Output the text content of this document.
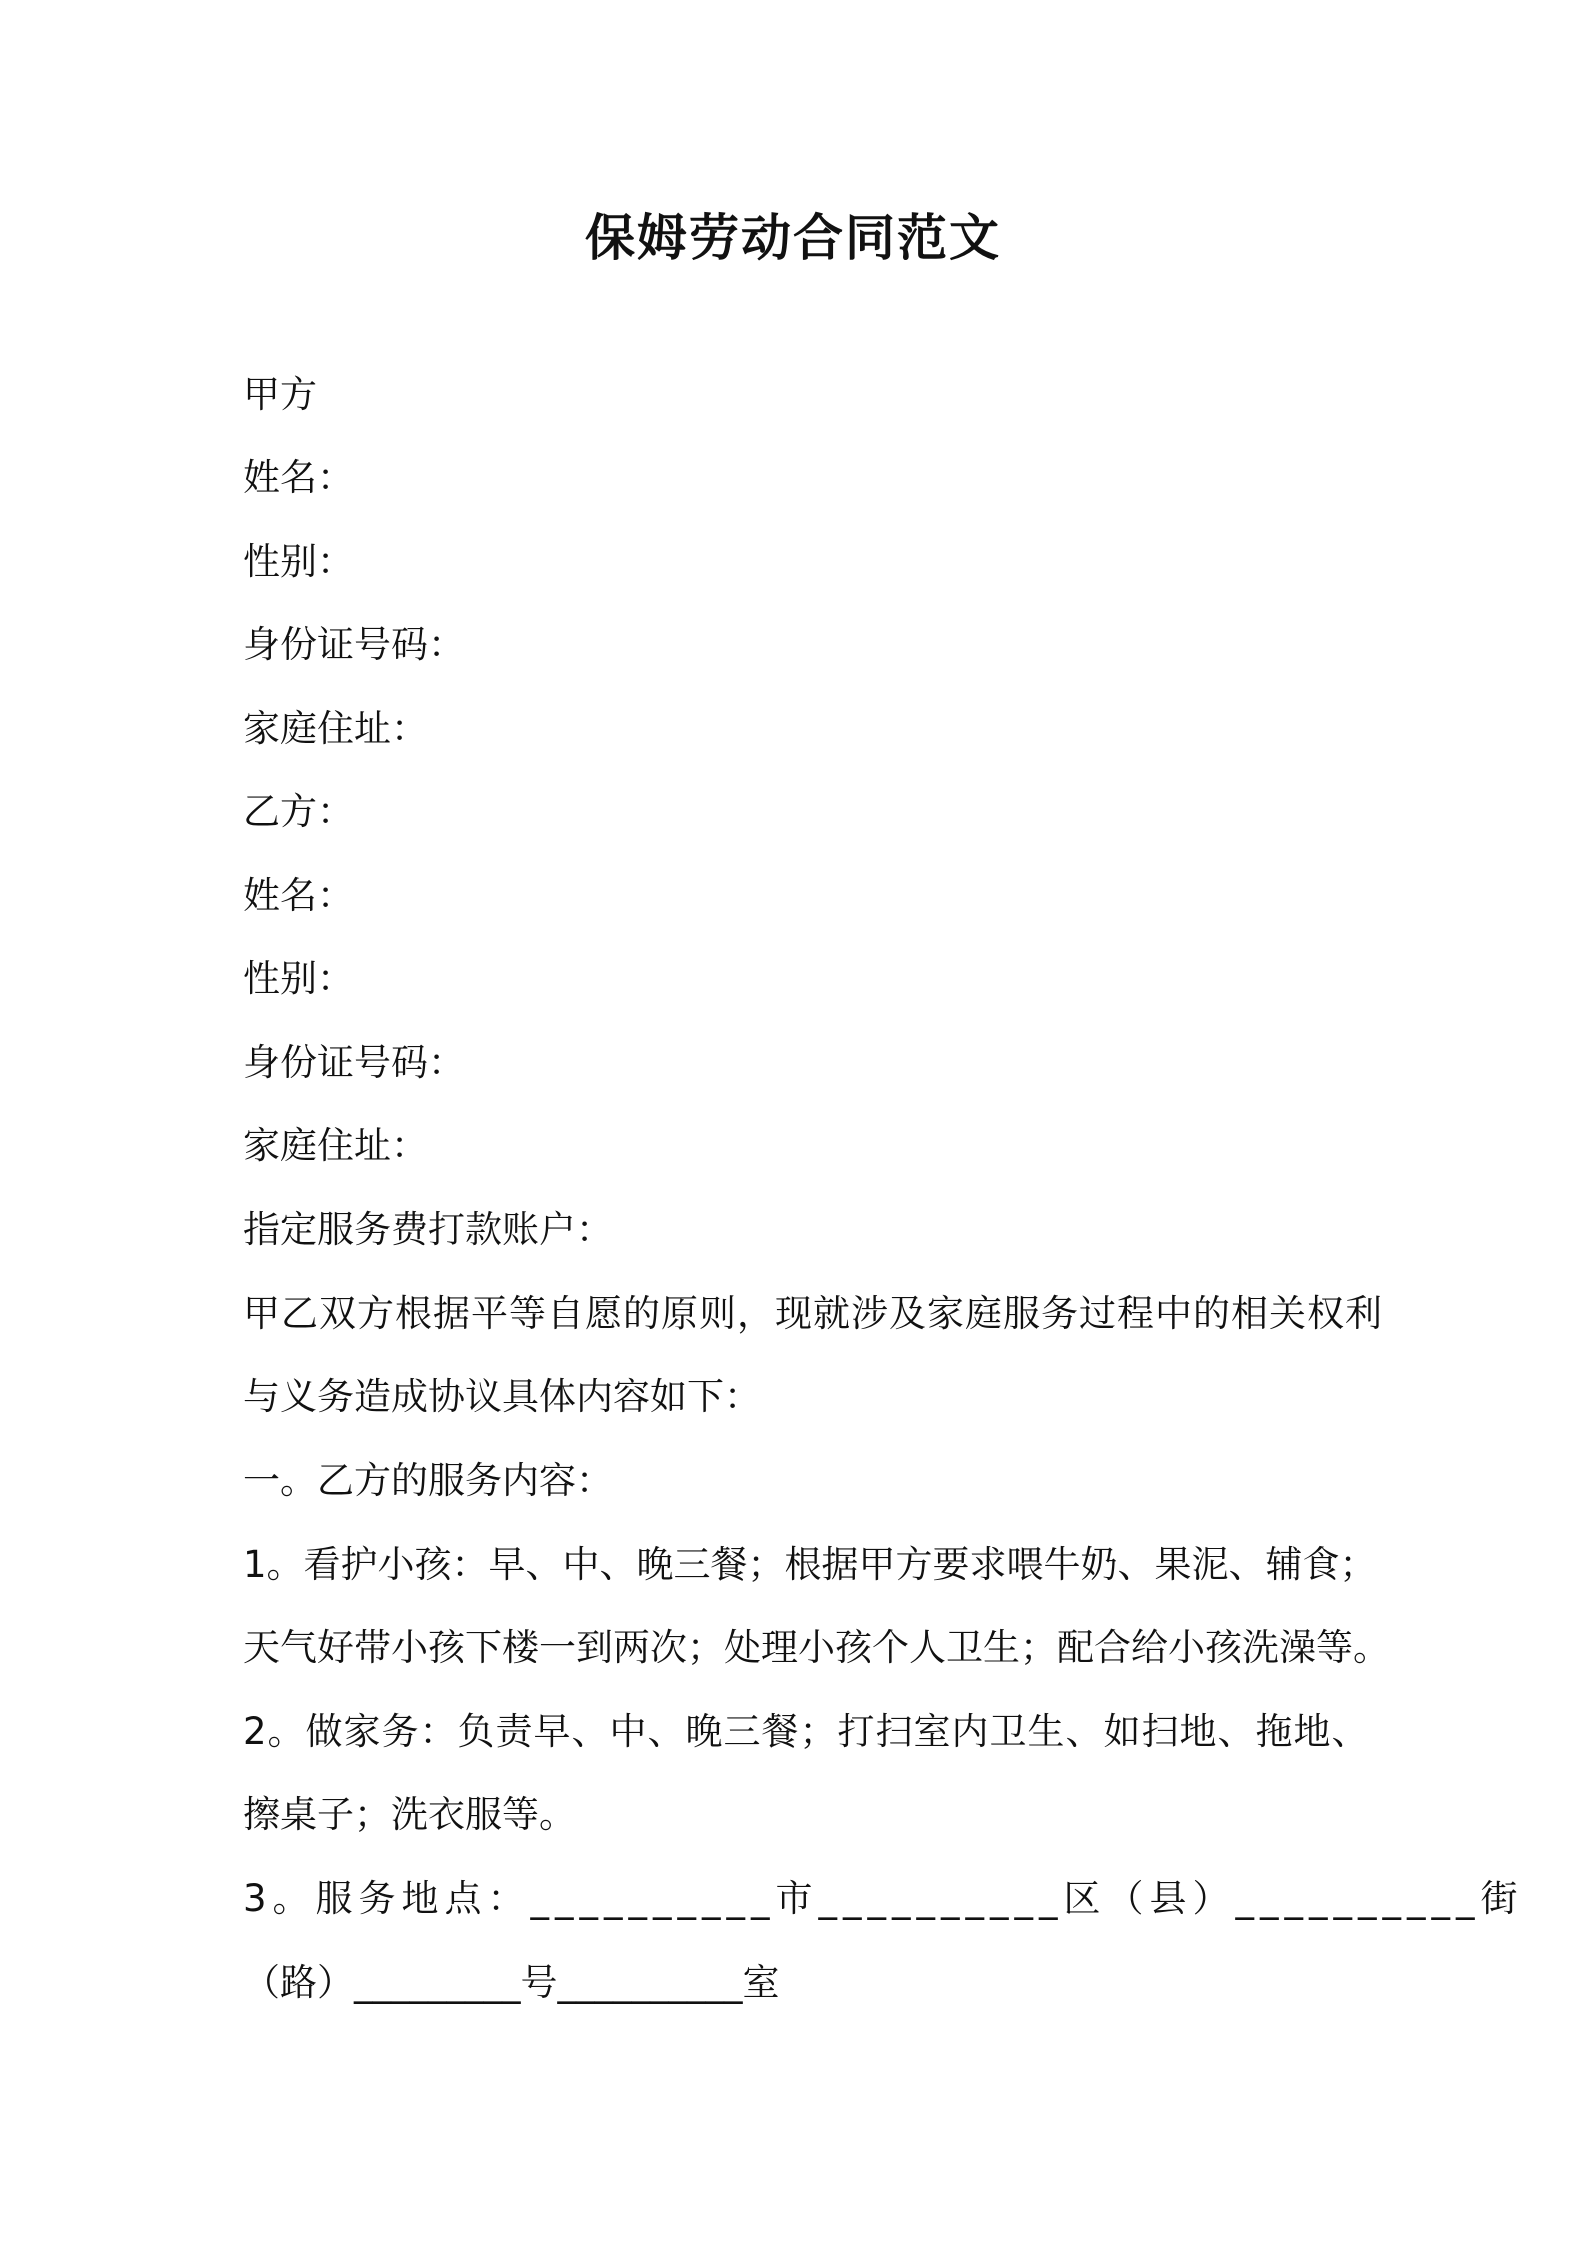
保姆劳动合同范文
甲方
姓名：
性别：
身份证号码：
家庭住址：
乙方：
姓名：
性别：
身份证号码：
家庭住址：
指定服务费打款账户：
甲乙双方根据平等自愿的原则，现就涉及家庭服务过程中的相关权利
与义务造成协议具体内容如下：
一。乙方的服务内容：
1。看护小孩：早、中、晚三餐；根据甲方要求喂牛奶、果泥、辅食；
天气好带小孩下楼一到两次；处理小孩个人卫生；配合给小孩洗澡等。
2。做家务：负责早、中、晚三餐；打扫室内卫生、如扫地、拖地、
擦桌子；洗衣服等。
3。服务地点：__________市__________区（县）__________街
（路）_________号__________室
